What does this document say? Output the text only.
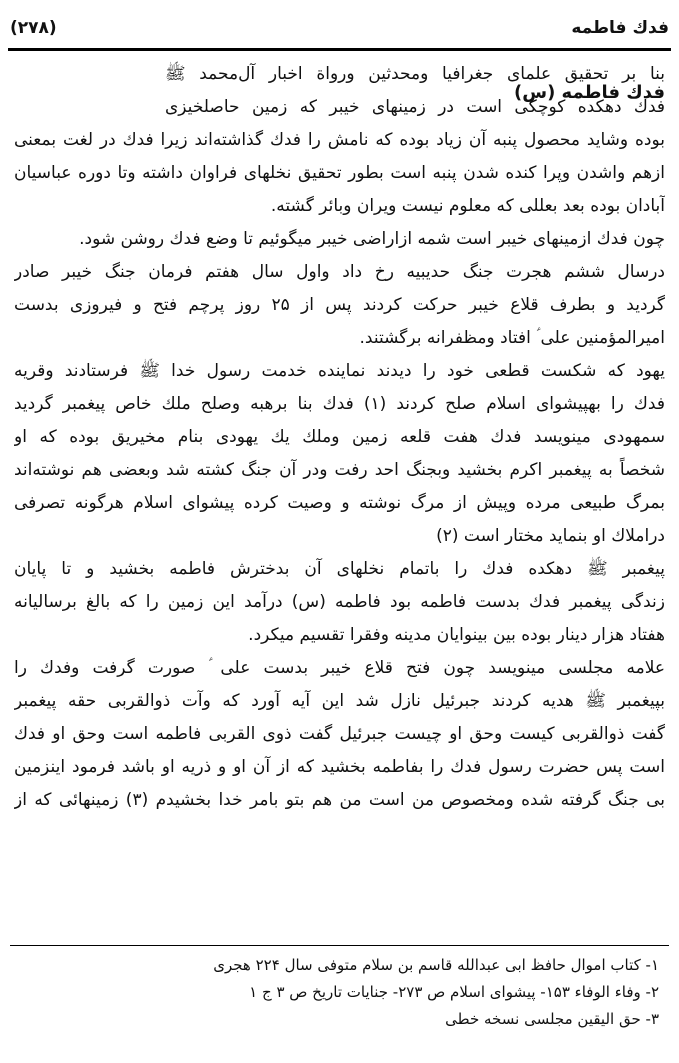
فدك فاطمه
(۲۷۸)
فدك فاطمه (س)
بنا بر تحقيق علماى جغرافيا ومحدثين ورواة اخبار آل‌محمد ﷺ
فدك دهكده كوچكى است در زمينهاى خيبر كه زمين حاصلخيزى
بوده وشايد محصول پنبه آن زياد بوده كه نامش را فدك گذاشته‌اند زيرا فدك در لغت بمعنى
ازهم واشدن وپرا كنده شدن پنبه است بطور تحقيق نخلهاى فراوان داشته وتا دوره عباسيان
آبادان بوده بعد بعللى كه معلوم نيست ويران وبائر گشته.
چون فدك ازمينهاى خيبر است شمه‌ ازاراضى خيبر ميگوئيم تا وضع فدك روشن شود.
درسال ششم هجرت جنگ حديبيه رخ داد واول سال هفتم فرمان جنگ خيبر صادر
گرديد و بطرف قلاع خيبر حركت كردند پس از ۲۵ روز پرچم فتح و فيروزى بدست
اميرالمؤمنين على ؑ افتاد ومظفرانه برگشتند.
يهود كه شكست قطعى خود را ديدند نماينده خدمت رسول خدا ﷺ فرستادند وقريه
فدك را بهپيشواى اسلام صلح كردند (۱) فدك بنا برهبه وصلح ملك خاص پيغمبر گرديد
سمهودى مينويسد فدك هفت قلعه زمين وملك يك يهودى بنام مخيريق بوده كه او
شخصاً به پيغمبر اكرم بخشيد وبجنگ احد رفت ودر آن جنگ كشته شد وبعضى هم نوشته‌اند
بمرگ طبيعى مرده وپيش از مرگ نوشته و وصيت كرده پيشواى اسلام هرگونه تصرفى
دراملاك او بنمايد مختار است (۲)
پيغمبر ﷺ دهكده فدك را باتمام نخلهاى آن بدخترش فاطمه بخشيد و تا پايان
زندگى پيغمبر فدك بدست فاطمه بود فاطمه (س) درآمد اين زمين را كه بالغ برسالیانه
هفتاد هزار دينار بوده بين بينوايان مدينه وفقرا تقسيم ميكرد.
علامه مجلسى مينويسد چون فتح قلاع خيبر بدست على ؑ صورت گرفت وفدك را
بپيغمبر ﷺ هديه كردند جبرئيل نازل شد اين آيه آورد كه وآت ذوالقربى حقه پيغمبر
گفت ذوالقربى كيست وحق او چيست جبرئيل گفت ذوى القربى فاطمه است وحق او فدك
است پس حضرت رسول فدك را بفاطمه بخشيد كه از آن او و ذريه او باشد فرمود اينزمين
بى جنگ گرفته شده ومخصوص من است من هم بتو بامر خدا بخشيدم (۳) زمينهائى كه از
۱- كتاب اموال حافظ ابى عبدالله قاسم بن سلام متوفى سال ۲۲۴ هجرى
۲- وفاء الوفاء ۱۵۳- پيشواى اسلام ص ۲۷۳- جنايات تاريخ ص ۳ ج ۱
۳- حق اليقين مجلسى نسخه خطى
